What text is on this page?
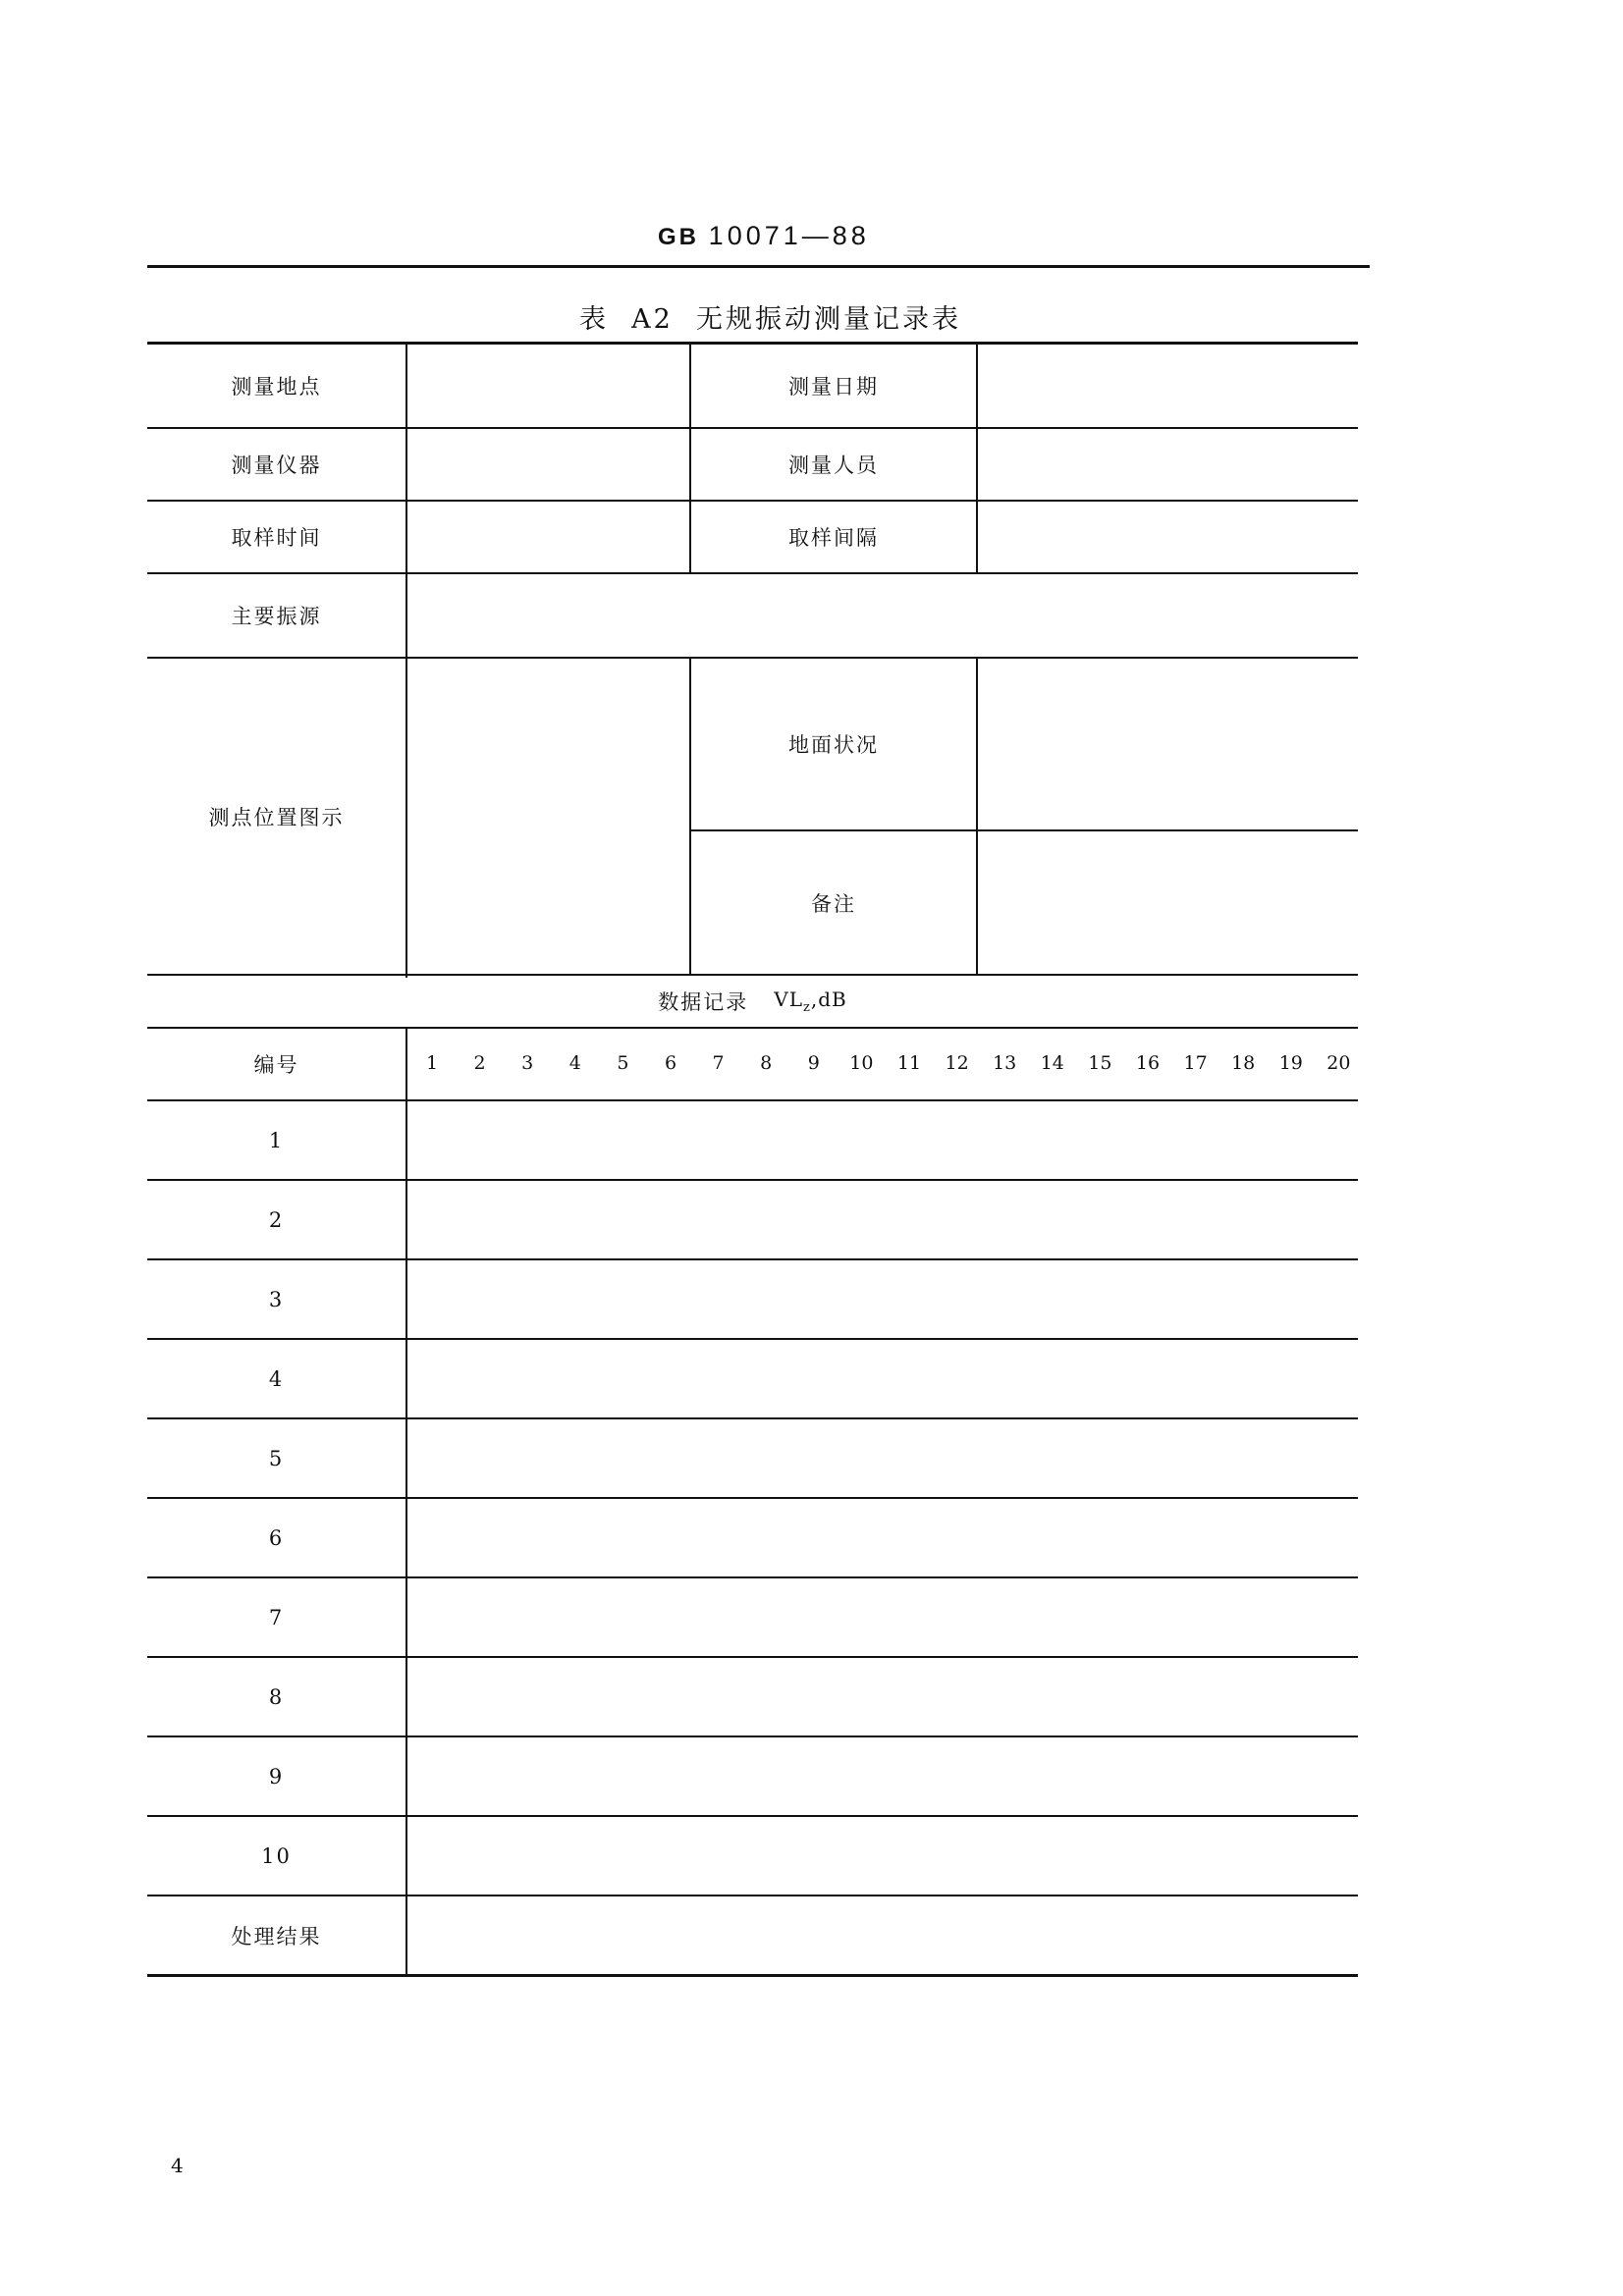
GB 10071—88
表  A2  无规振动测量记录表
测量地点	测量日期
测量仪器	测量人员
取样时间	取样间隔
主要振源
测点位置图示
地面状况
备注
数据记录 $VL_z,dB$
编号	1	2	3	4	5	6	7	8	9	10	11	12	13	14	15	16	17	18	19	20
1
2
3
4
5
6
7
8
9
10
处理结果
4
